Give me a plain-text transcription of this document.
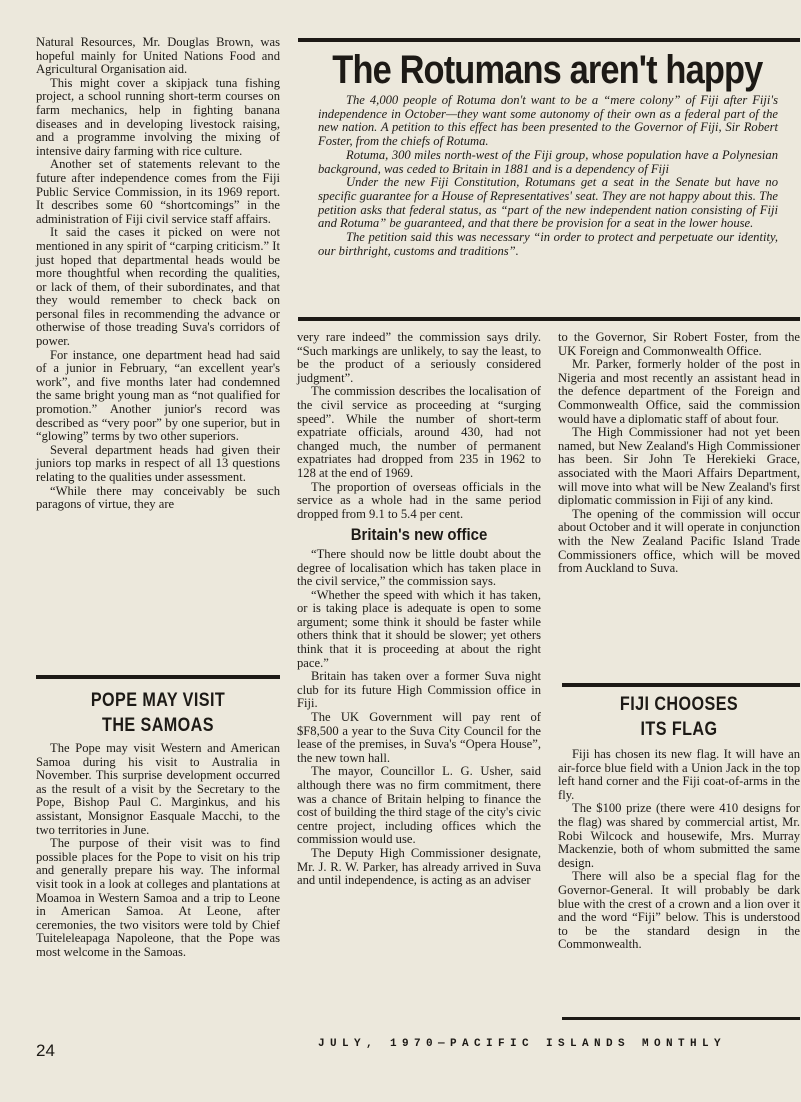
The Rotumans aren't happy

The 4,000 people of Rotuma don't want to be a “mere colony” of Fiji after Fiji's independence in October—they want some autonomy of their own as a federal part of the new nation. A petition to this effect has been presented to the Governor of Fiji, Sir Robert Foster, from the chiefs of Rotuma.

Rotuma, 300 miles north-west of the Fiji group, whose population have a Polynesian background, was ceded to Britain in 1881 and is a dependency of Fiji

Under the new Fiji Constitution, Rotumans get a seat in the Senate but have no specific guarantee for a House of Representatives' seat. They are not happy about this. The petition asks that federal status, as “part of the new independent nation consisting of Fiji and Rotuma” be guaranteed, and that there be provision for a seat in the lower house.

The petition said this was necessary “in order to protect and perpetuate our identity, our birthright, customs and traditions”.

Natural Resources, Mr. Douglas Brown, was hopeful mainly for United Nations Food and Agricultural Organisation aid.

This might cover a skipjack tuna fishing project, a school running short-term courses on farm mechanics, help in fighting banana diseases and in developing livestock raising, and a programme involving the mixing of intensive dairy farming with rice culture.

Another set of statements relevant to the future after independence comes from the Fiji Public Service Commission, in its 1969 report. It describes some 60 “shortcomings” in the administration of Fiji civil service staff affairs.

It said the cases it picked on were not mentioned in any spirit of “carping criticism.” It just hoped that departmental heads would be more thoughtful when recording the qualities, or lack of them, of their subordinates, and that they would remember to check back on personal files in recommending the advance or otherwise of those treading Suva's corridors of power.

For instance, one department head had said of a junior in February, “an excellent year's work”, and five months later had condemned the same bright young man as “not qualified for promotion.” Another junior's record was described as “very poor” by one superior, but in “glowing” terms by two other superiors.

Several department heads had given their juniors top marks in respect of all 13 questions relating to the qualities under assessment.

“While there may conceivably be such paragons of virtue, they are

POPE MAY VISIT
THE SAMOAS

The Pope may visit Western and American Samoa during his visit to Australia in November. This surprise development occurred as the result of a visit by the Secretary to the Pope, Bishop Paul C. Marginkus, and his assistant, Monsignor Easquale Macchi, to the two territories in June.

The purpose of their visit was to find possible places for the Pope to visit on his trip and generally prepare his way. The informal visit took in a look at colleges and plantations at Moamoa in Western Samoa and a trip to Leone in American Samoa. At Leone, after ceremonies, the two visitors were told by Chief Tuiteleleapaga Napoleone, that the Pope was most welcome in the Samoas.

very rare indeed” the commission says drily. “Such markings are unlikely, to say the least, to be the product of a seriously considered judgment”.

The commission describes the localisation of the civil service as proceeding at “surging speed”. While the number of short-term expatriate officials, around 430, had not changed much, the number of permanent expatriates had dropped from 235 in 1962 to 128 at the end of 1969.

The proportion of overseas officials in the service as a whole had in the same period dropped from 9.1 to 5.4 per cent.

Britain's new office

“There should now be little doubt about the degree of localisation which has taken place in the civil service,” the commission says.

“Whether the speed with which it has taken, or is taking place is adequate is open to some argument; some think it should be faster while others think that it should be slower; yet others think that it is proceeding at about the right pace.”

Britain has taken over a former Suva night club for its future High Commission office in Fiji.

The UK Government will pay rent of $F8,500 a year to the Suva City Council for the lease of the premises, in Suva's “Opera House”, the new town hall.

The mayor, Councillor L. G. Usher, said although there was no firm commitment, there was a chance of Britain helping to finance the cost of building the third stage of the city's civic centre project, including offices which the commission would use.

The Deputy High Commissioner designate, Mr. J. R. W. Parker, has already arrived in Suva and until independence, is acting as an adviser

to the Governor, Sir Robert Foster, from the UK Foreign and Commonwealth Office.

Mr. Parker, formerly holder of the post in Nigeria and most recently an assistant head in the defence department of the Foreign and Commonwealth Office, said the commission would have a diplomatic staff of about four.

The High Commissioner had not yet been named, but New Zealand's High Commissioner has been. Sir John Te Herekieki Grace, associated with the Maori Affairs Department, will move into what will be New Zealand's first diplomatic commission in Fiji of any kind.

The opening of the commission will occur about October and it will operate in conjunction with the New Zealand Pacific Island Trade Commissioners office, which will be moved from Auckland to Suva.

FIJI CHOOSES
ITS FLAG

Fiji has chosen its new flag. It will have an air-force blue field with a Union Jack in the top left hand corner and the Fiji coat-of-arms in the fly.

The $100 prize (there were 410 designs for the flag) was shared by commercial artist, Mr. Robi Wilcock and housewife, Mrs. Murray Mackenzie, both of whom submitted the same design.

There will also be a special flag for the Governor-General. It will probably be dark blue with the crest of a crown and a lion over it and the word “Fiji” below. This is understood to be the standard design in the Commonwealth.

24	JULY, 1970—PACIFIC ISLANDS MONTHLY
